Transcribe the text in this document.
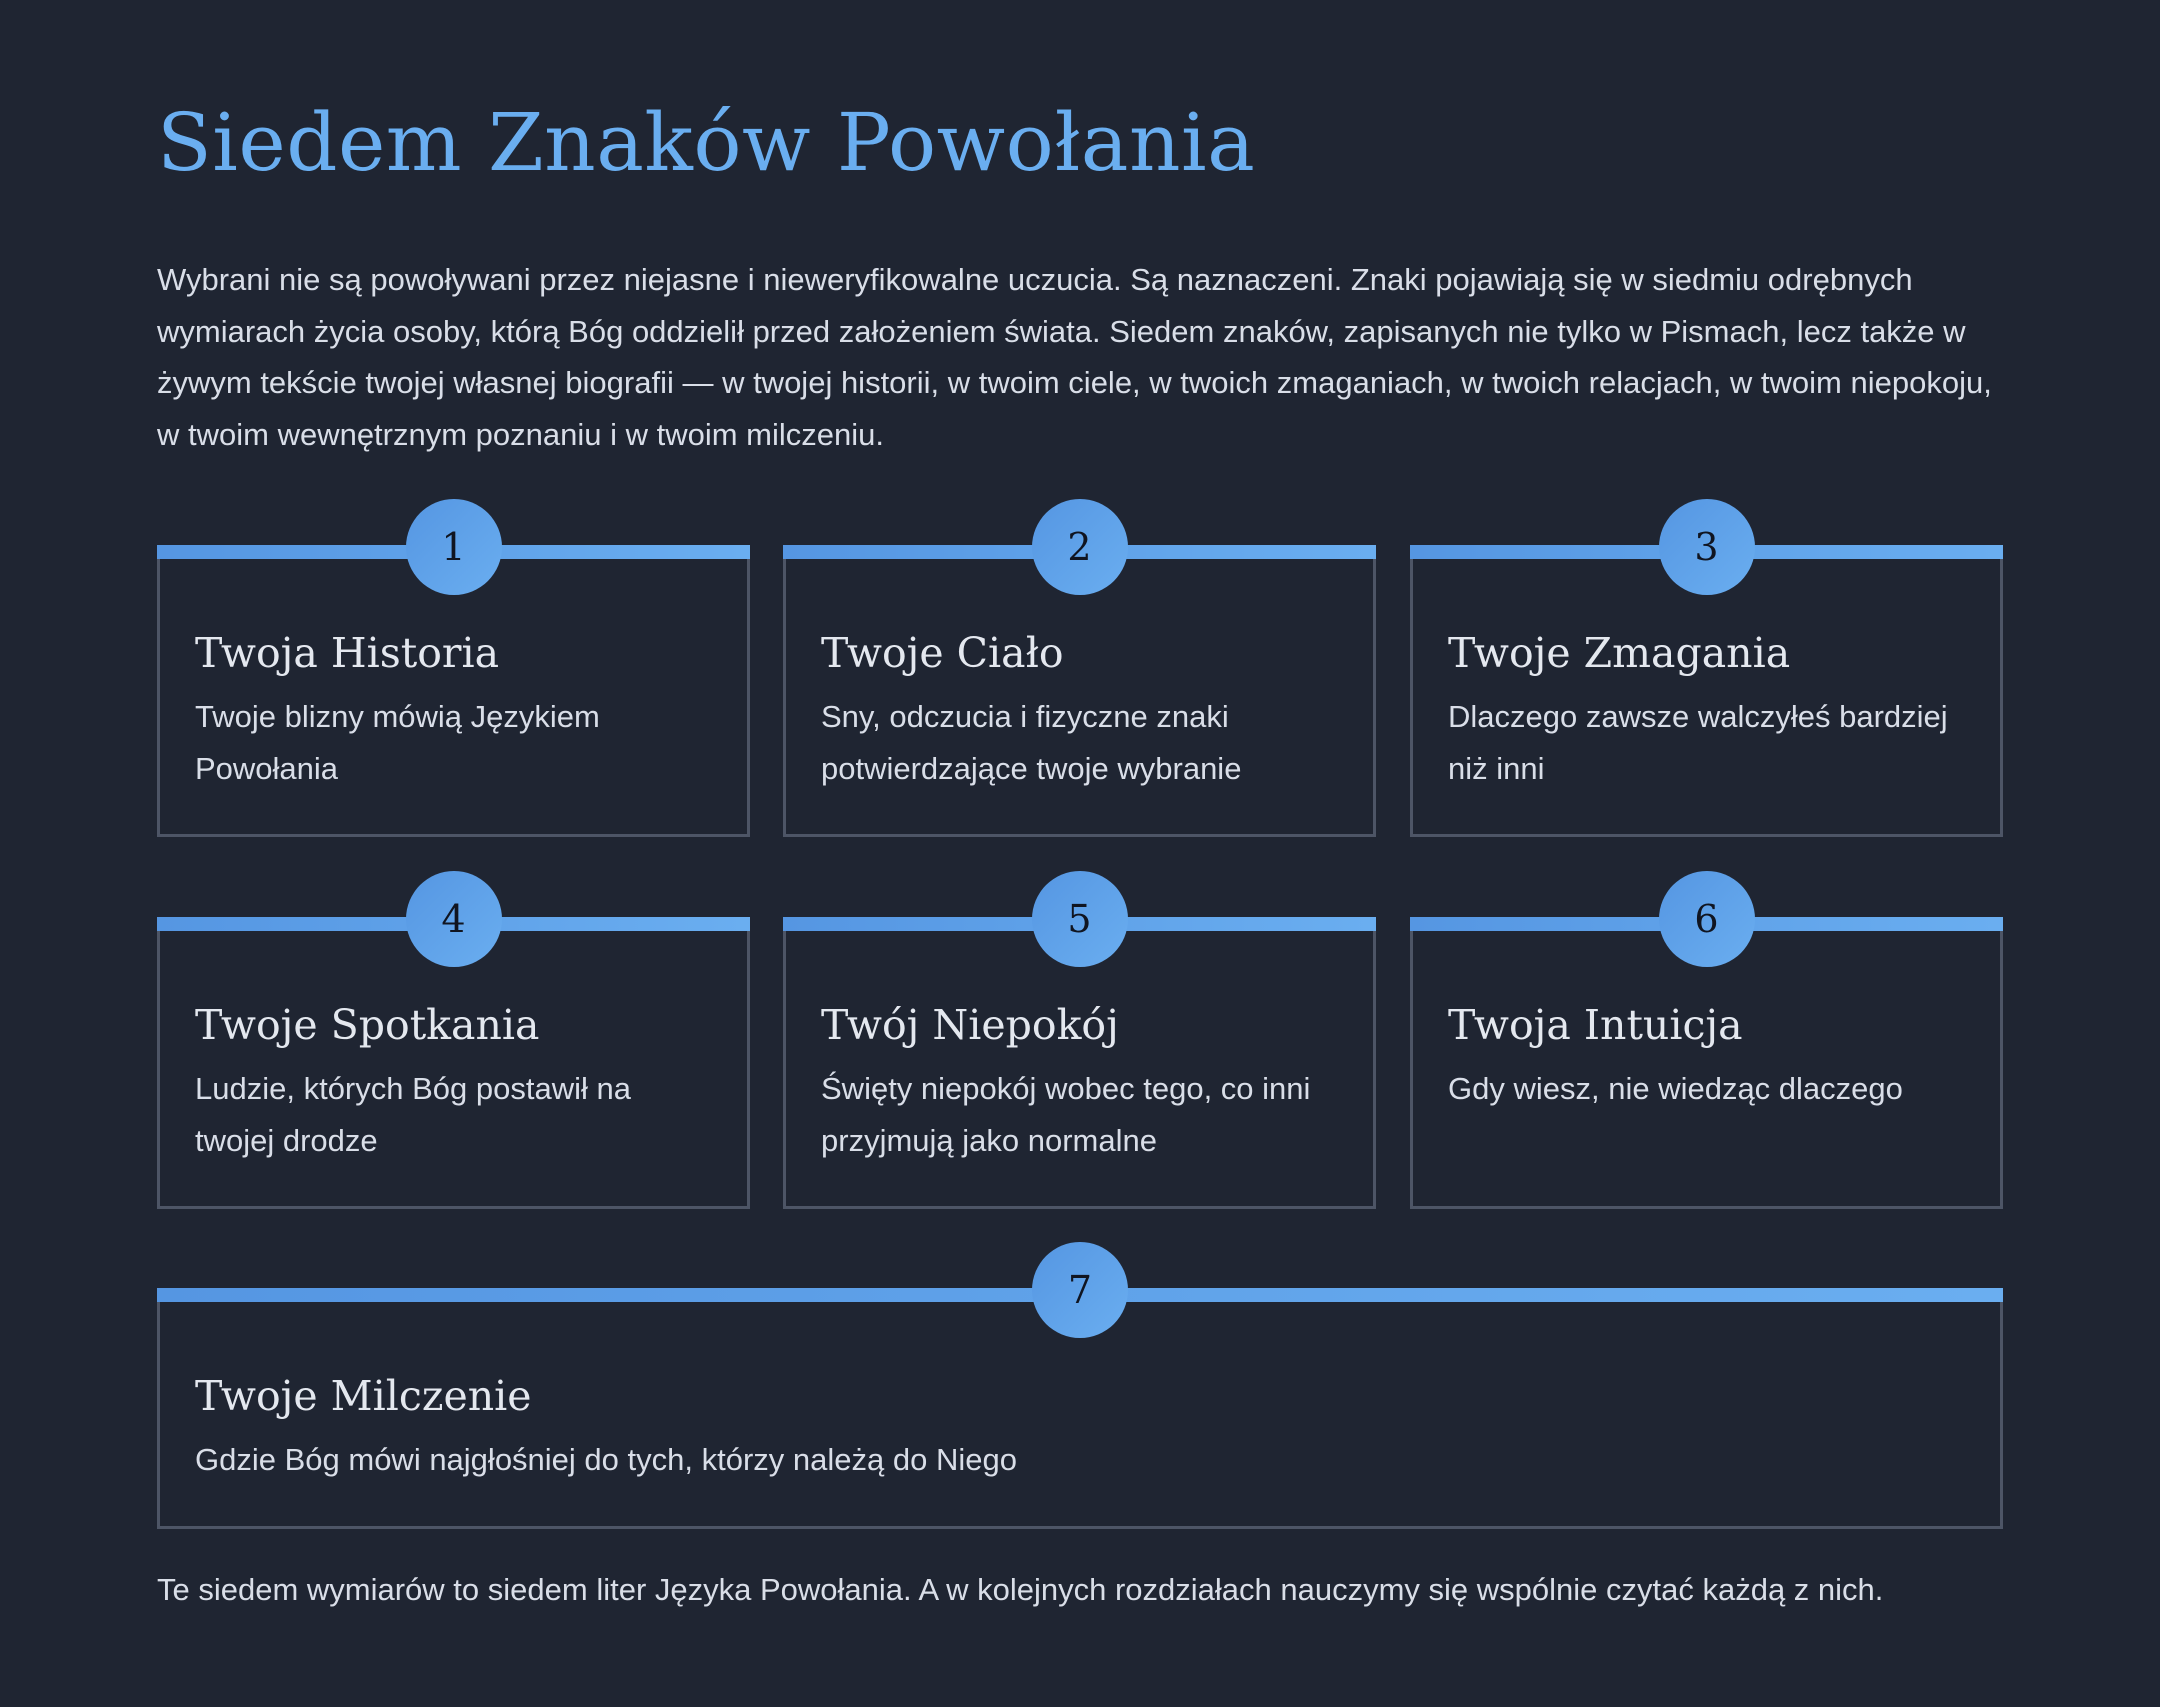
Siedem Znaków Powołania

Wybrani nie są powoływani przez niejasne i nieweryfikowalne uczucia. Są naznaczeni. Znaki pojawiają się w siedmiu odrębnych wymiarach życia osoby, którą Bóg oddzielił przed założeniem świata. Siedem znaków, zapisanych nie tylko w Pismach, lecz także w żywym tekście twojej własnej biografii — w twojej historii, w twoim ciele, w twoich zmaganiach, w twoich relacjach, w twoim niepokoju, w twoim wewnętrznym poznaniu i w twoim milczeniu.

1
Twoja Historia

Twoje blizny mówią Językiem Powołania

2
Twoje Ciało

Sny, odczucia i fizyczne znaki potwierdzające twoje wybranie

3
Twoje Zmagania

Dlaczego zawsze walczyłeś bardziej niż inni

4
Twoje Spotkania

Ludzie, których Bóg postawił na twojej drodze

5
Twój Niepokój

Święty niepokój wobec tego, co inni przyjmują jako normalne

6
Twoja Intuicja

Gdy wiesz, nie wiedząc dlaczego

7
Twoje Milczenie

Gdzie Bóg mówi najgłośniej do tych, którzy należą do Niego

Te siedem wymiarów to siedem liter Języka Powołania. A w kolejnych rozdziałach nauczymy się wspólnie czytać każdą z nich.
